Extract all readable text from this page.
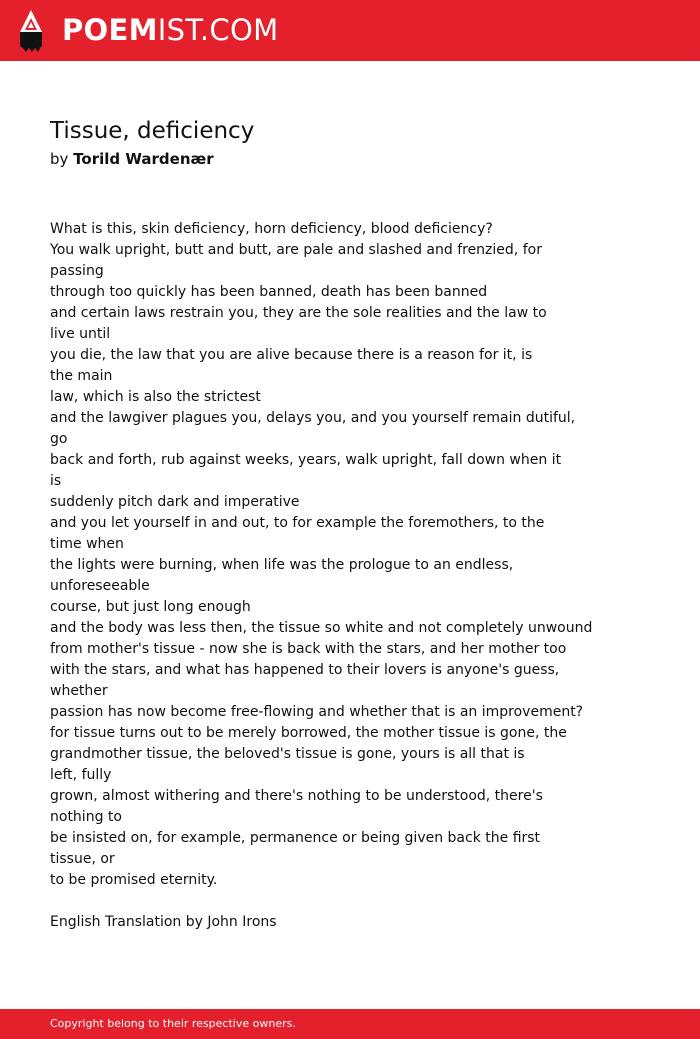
POEMIST.COM
Tissue, deficiency
by Torild Wardenær
What is this, skin deficiency, horn deficiency, blood deficiency?
You walk upright, butt and butt, are pale and slashed and frenzied, for
passing
through too quickly has been banned, death has been banned
and certain laws restrain you, they are the sole realities and the law to
live until
you die, the law that you are alive because there is a reason for it, is
the main
law, which is also the strictest
and the lawgiver plagues you, delays you, and you yourself remain dutiful,
go
back and forth, rub against weeks, years, walk upright, fall down when it
is
suddenly pitch dark and imperative
and you let yourself in and out, to for example the foremothers, to the
time when
the lights were burning, when life was the prologue to an endless,
unforeseeable
course, but just long enough
and the body was less then, the tissue so white and not completely unwound
from mother's tissue - now she is back with the stars, and her mother too
with the stars, and what has happened to their lovers is anyone's guess,
whether
passion has now become free-flowing and whether that is an improvement?
for tissue turns out to be merely borrowed, the mother tissue is gone, the
grandmother tissue, the beloved's tissue is gone, yours is all that is
left, fully
grown, almost withering and there's nothing to be understood, there's
nothing to
be insisted on, for example, permanence or being given back the first
tissue, or
to be promised eternity.
English Translation by John Irons
Copyright belong to their respective owners.
